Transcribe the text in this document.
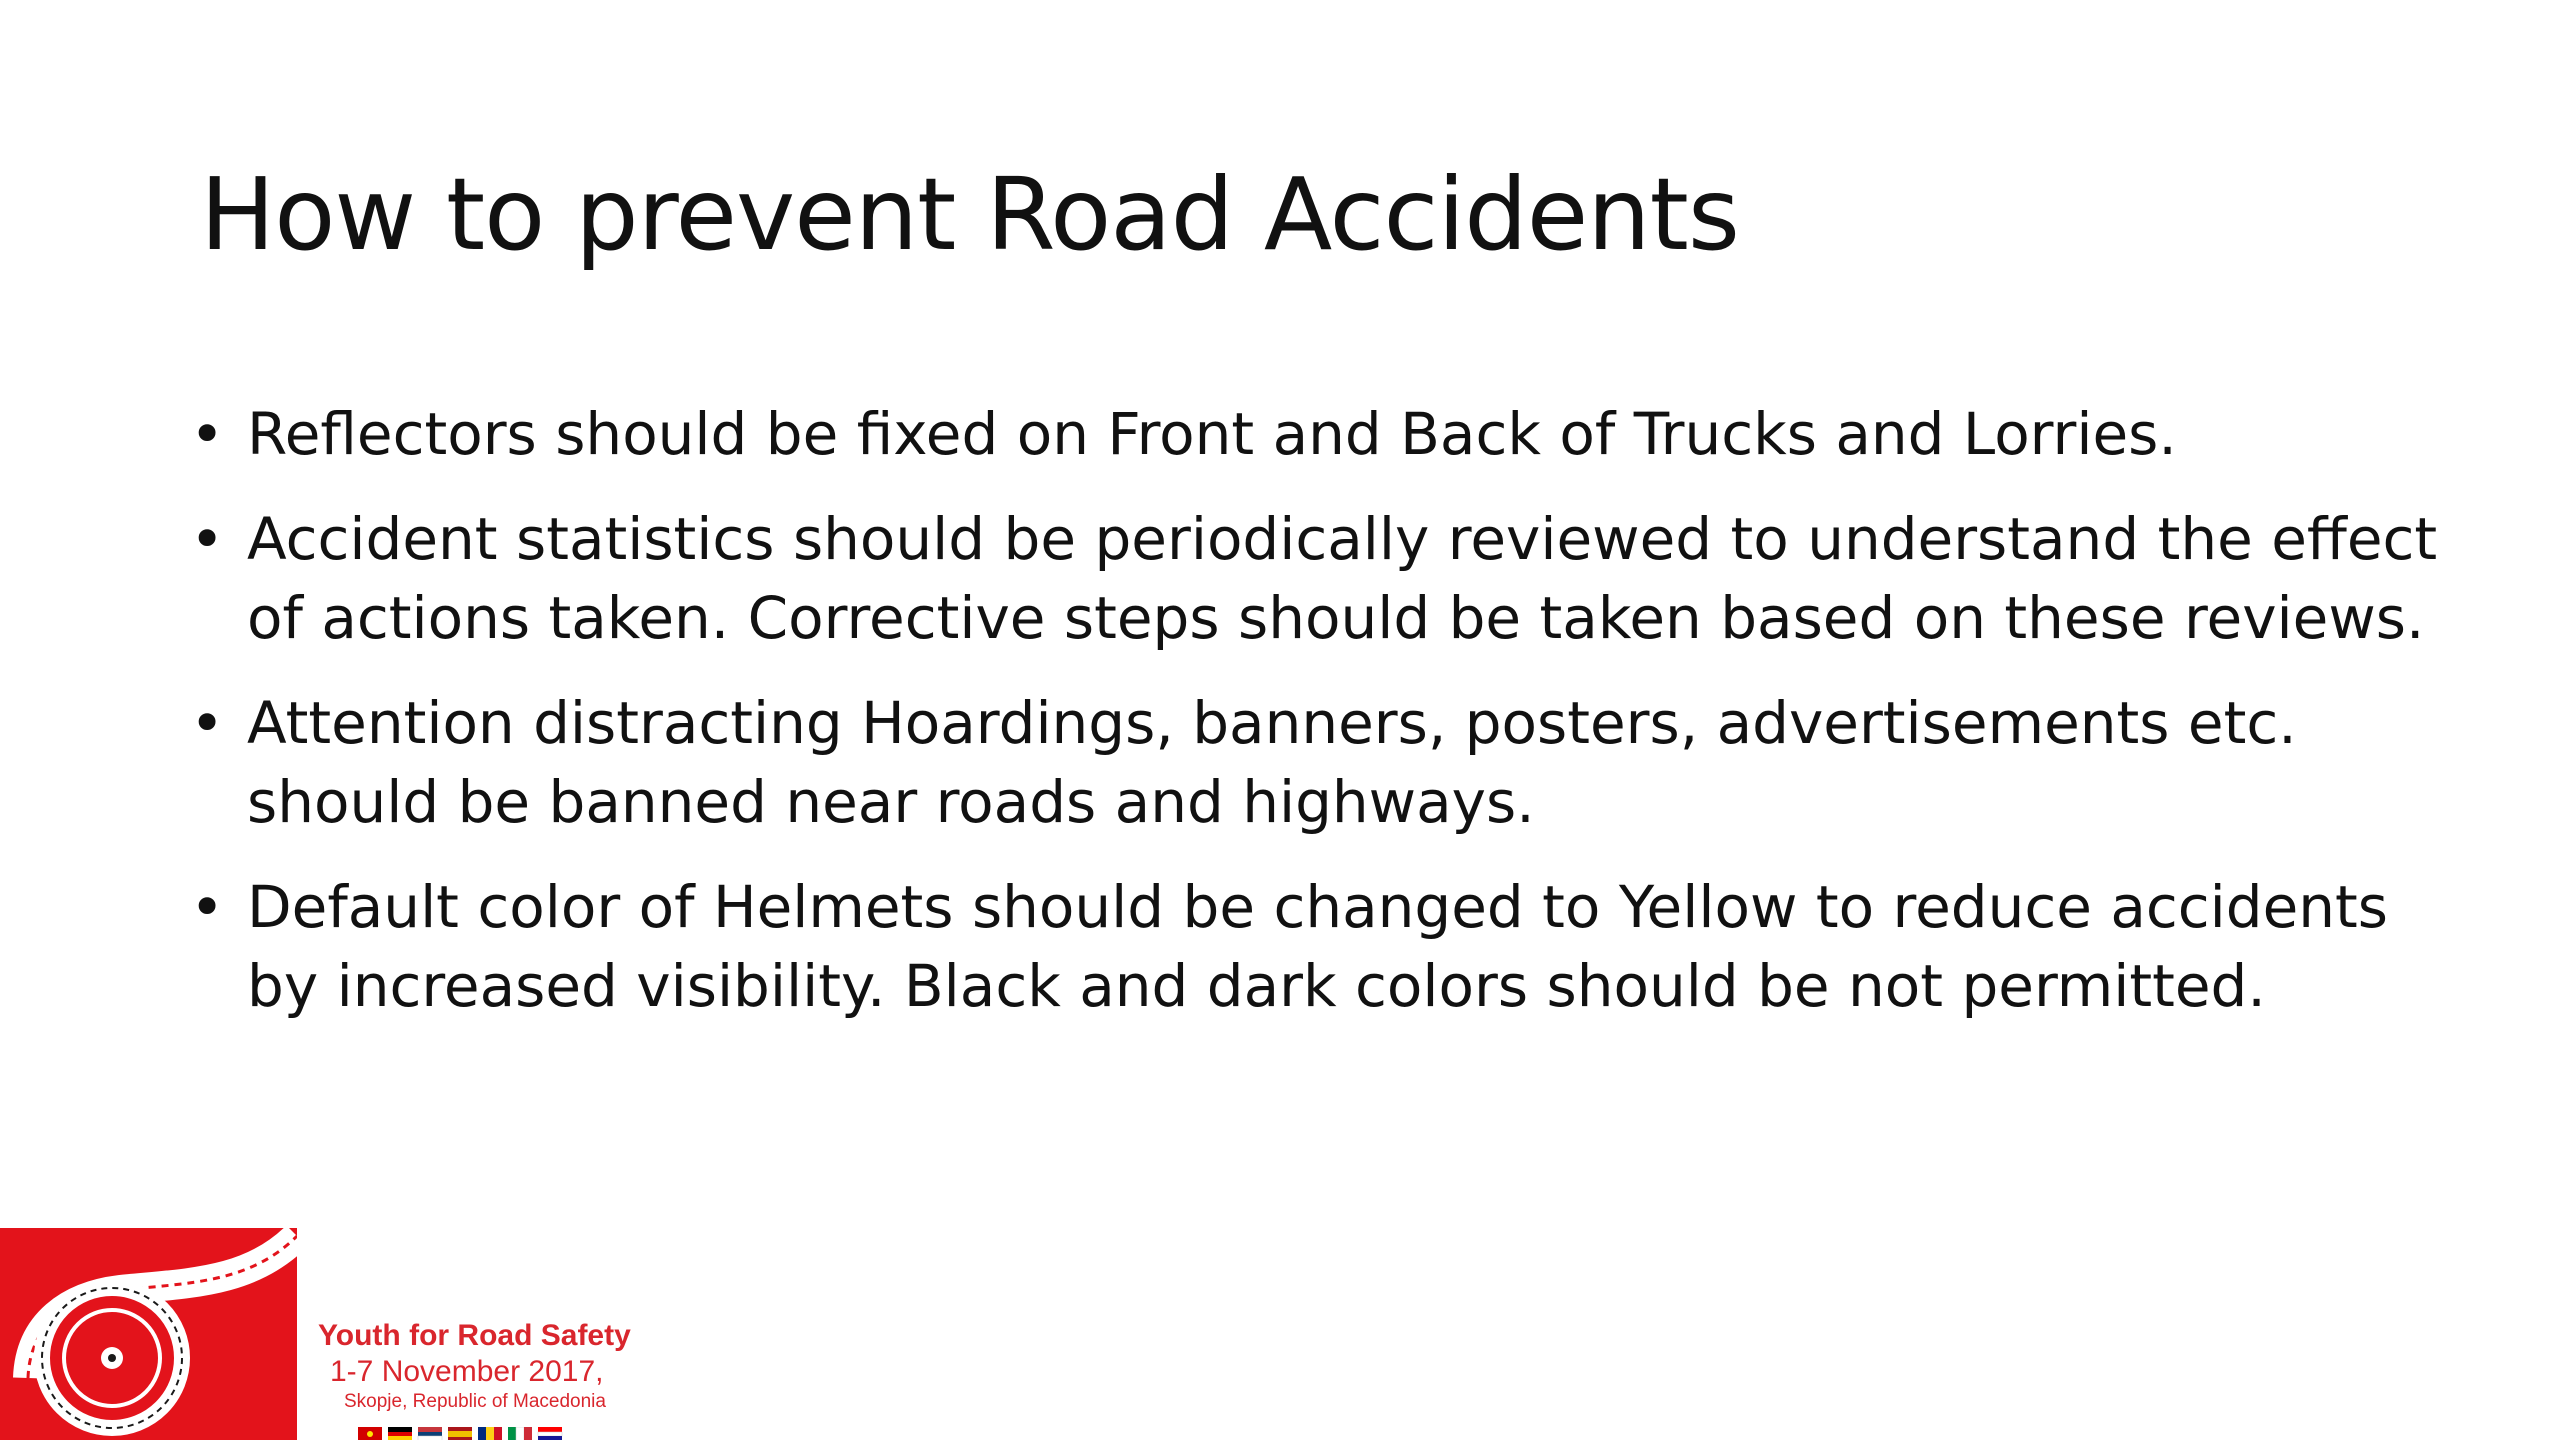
How to prevent Road Accidents
• Reflectors should be fixed on Front and Back of Trucks and Lorries.
• Accident statistics should be periodically reviewed to understand the effect of actions taken. Corrective steps should be taken based on these reviews.
• Attention distracting Hoardings, banners, posters, advertisements etc. should be banned near roads and highways.
• Default color of Helmets should be changed to Yellow to reduce accidents by increased visibility. Black and dark colors should be not permitted.
Youth for Road Safety
1-7 November 2017,
Skopje, Republic of Macedonia
